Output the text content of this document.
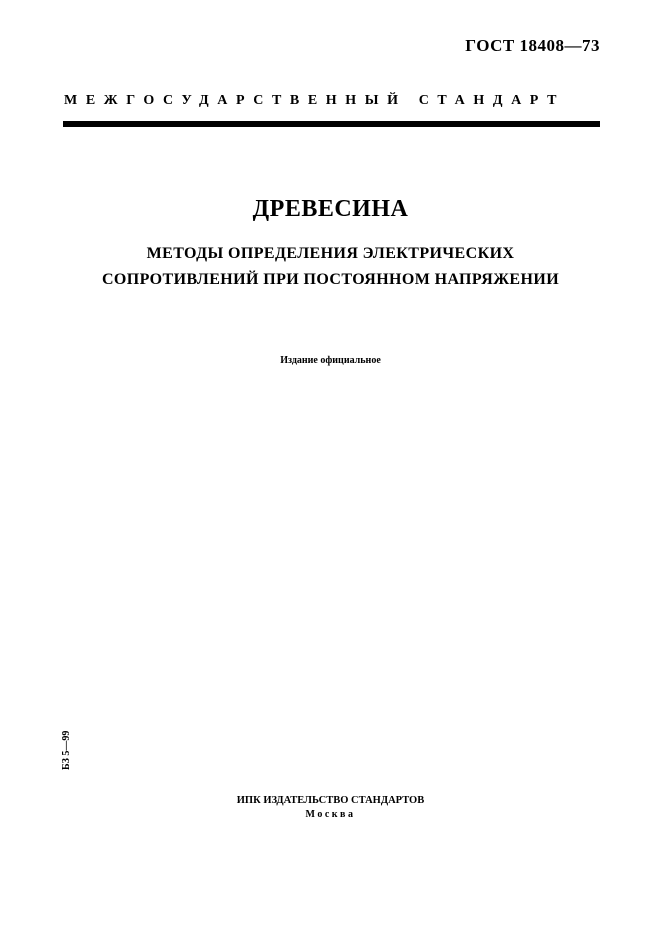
ГОСТ 18408—73
МЕЖГОСУДАРСТВЕННЫЙ СТАНДАРТ
ДРЕВЕСИНА
МЕТОДЫ ОПРЕДЕЛЕНИЯ ЭЛЕКТРИЧЕСКИХ
СОПРОТИВЛЕНИЙ ПРИ ПОСТОЯННОМ НАПРЯЖЕНИИ
Издание официальное
БЗ 5—99
ИПК ИЗДАТЕЛЬСТВО СТАНДАРТОВ
Москва
